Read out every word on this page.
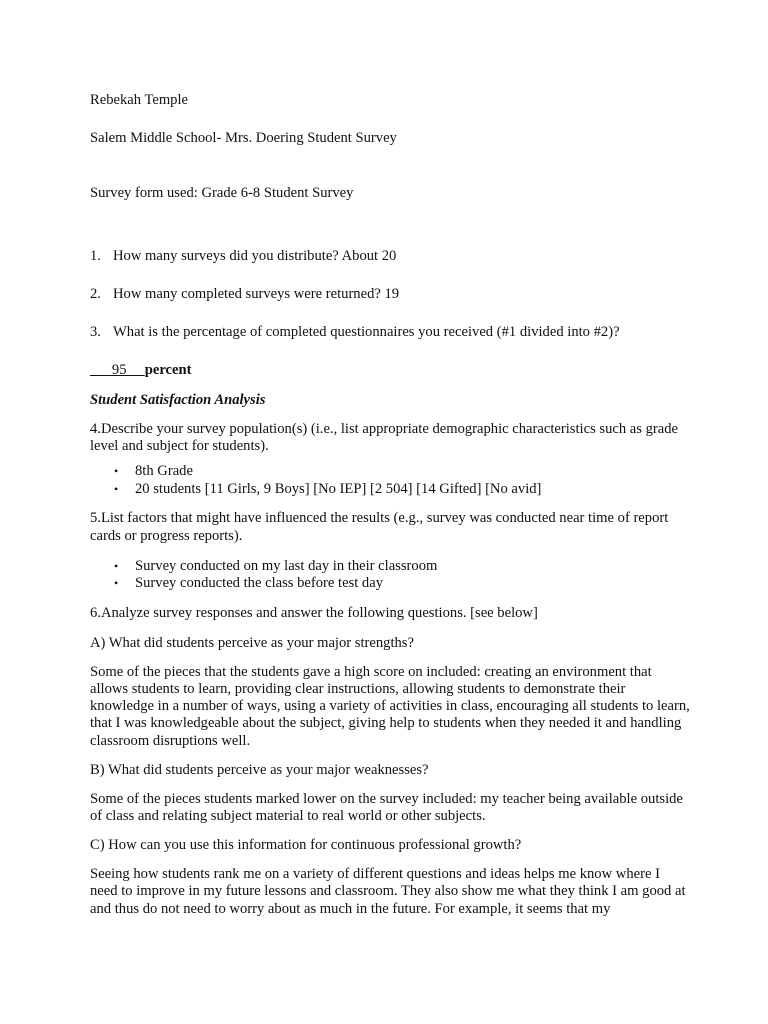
Rebekah Temple

Salem Middle School- Mrs. Doering Student Survey

Survey form used: Grade 6-8 Student Survey

1. How many surveys did you distribute? About 20

2. How many completed surveys were returned? 19

3. What is the percentage of completed questionnaires you received (#1 divided into #2)?

95 percent

Student Satisfaction Analysis

4.Describe your survey population(s) (i.e., list appropriate demographic characteristics such as grade level and subject for students).

• 8th Grade
• 20 students [11 Girls, 9 Boys] [No IEP] [2 504] [14 Gifted] [No avid]

5.List factors that might have influenced the results (e.g., survey was conducted near time of report cards or progress reports).

• Survey conducted on my last day in their classroom
• Survey conducted the class before test day

6.Analyze survey responses and answer the following questions. [see below]

A) What did students perceive as your major strengths?

Some of the pieces that the students gave a high score on included: creating an environment that allows students to learn, providing clear instructions, allowing students to demonstrate their knowledge in a number of ways, using a variety of activities in class, encouraging all students to learn, that I was knowledgeable about the subject, giving help to students when they needed it and handling classroom disruptions well.

B) What did students perceive as your major weaknesses?

Some of the pieces students marked lower on the survey included: my teacher being available outside of class and relating subject material to real world or other subjects.

C) How can you use this information for continuous professional growth?

Seeing how students rank me on a variety of different questions and ideas helps me know where I need to improve in my future lessons and classroom. They also show me what they think I am good at and thus do not need to worry about as much in the future. For example, it seems that my
